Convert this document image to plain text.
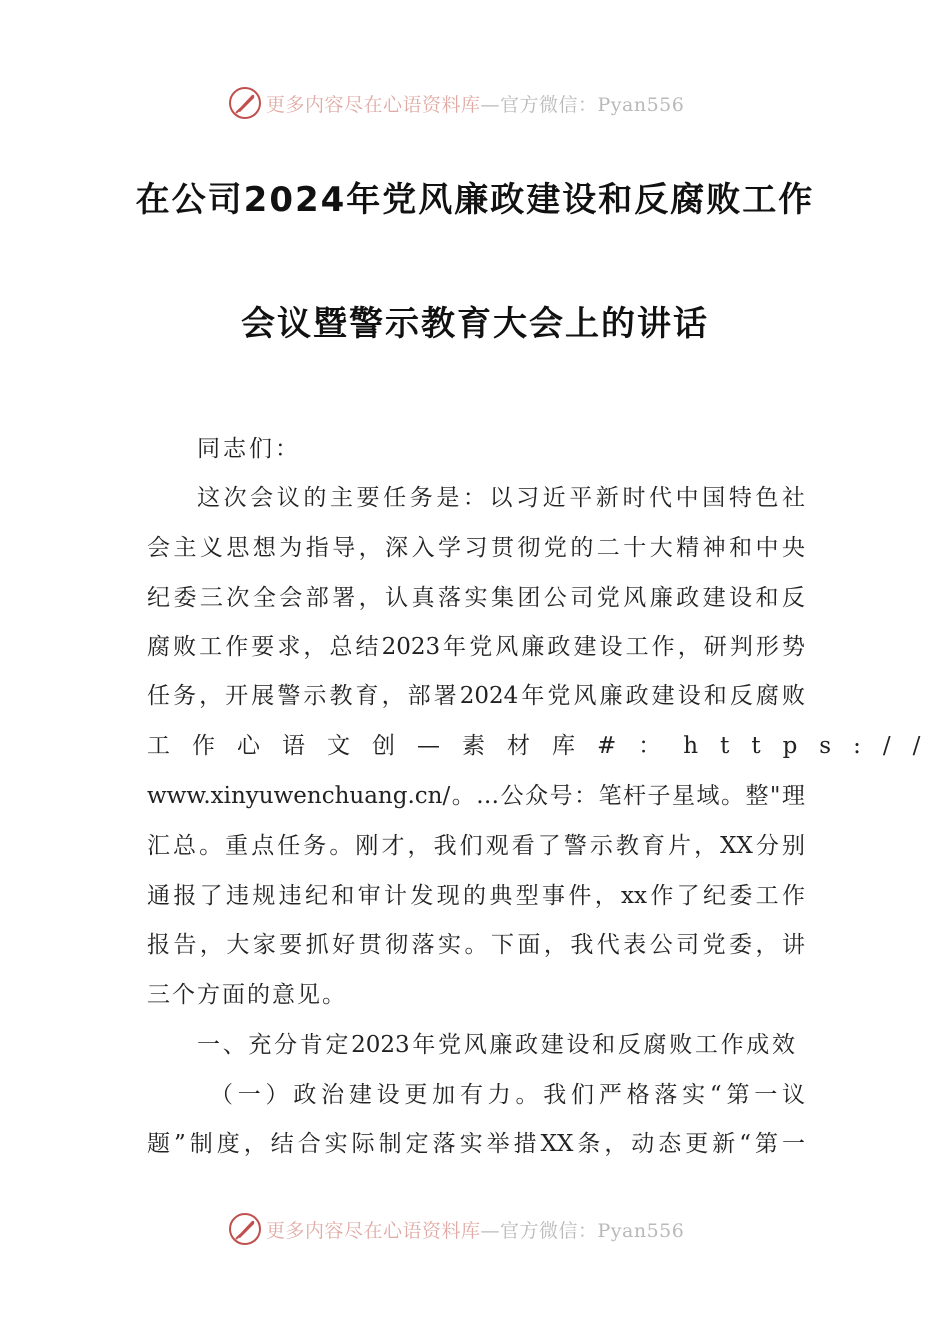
更多内容尽在心语资料库 —官方微信：Pyan556
在公司2024年党风廉政建设和反腐败工作
会议暨警示教育大会上的讲话
同志们：
这次会议的主要任务是：以习近平新时代中国特色社
会主义思想为指导，深入学习贯彻党的二十大精神和中央
纪委三次全会部署，认真落实集团公司党风廉政建设和反
腐败工作要求，总结2023年党风廉政建设工作，研判形势
任务，开展警示教育，部署2024年党风廉政建设和反腐败
工作心语文创—素材库#：https://
www.xinyuwenchuang.cn/。…公众号：笔杆子星域。整"理
汇总。重点任务。刚才，我们观看了警示教育片，XX分别
通报了违规违纪和审计发现的典型事件，xx作了纪委工作
报告，大家要抓好贯彻落实。下面，我代表公司党委，讲
三个方面的意见。
一、充分肯定2023年党风廉政建设和反腐败工作成效
（一）政治建设更加有力。我们严格落实“第一议
题”制度，结合实际制定落实举措XX条，动态更新“第一
更多内容尽在心语资料库 —官方微信：Pyan556
